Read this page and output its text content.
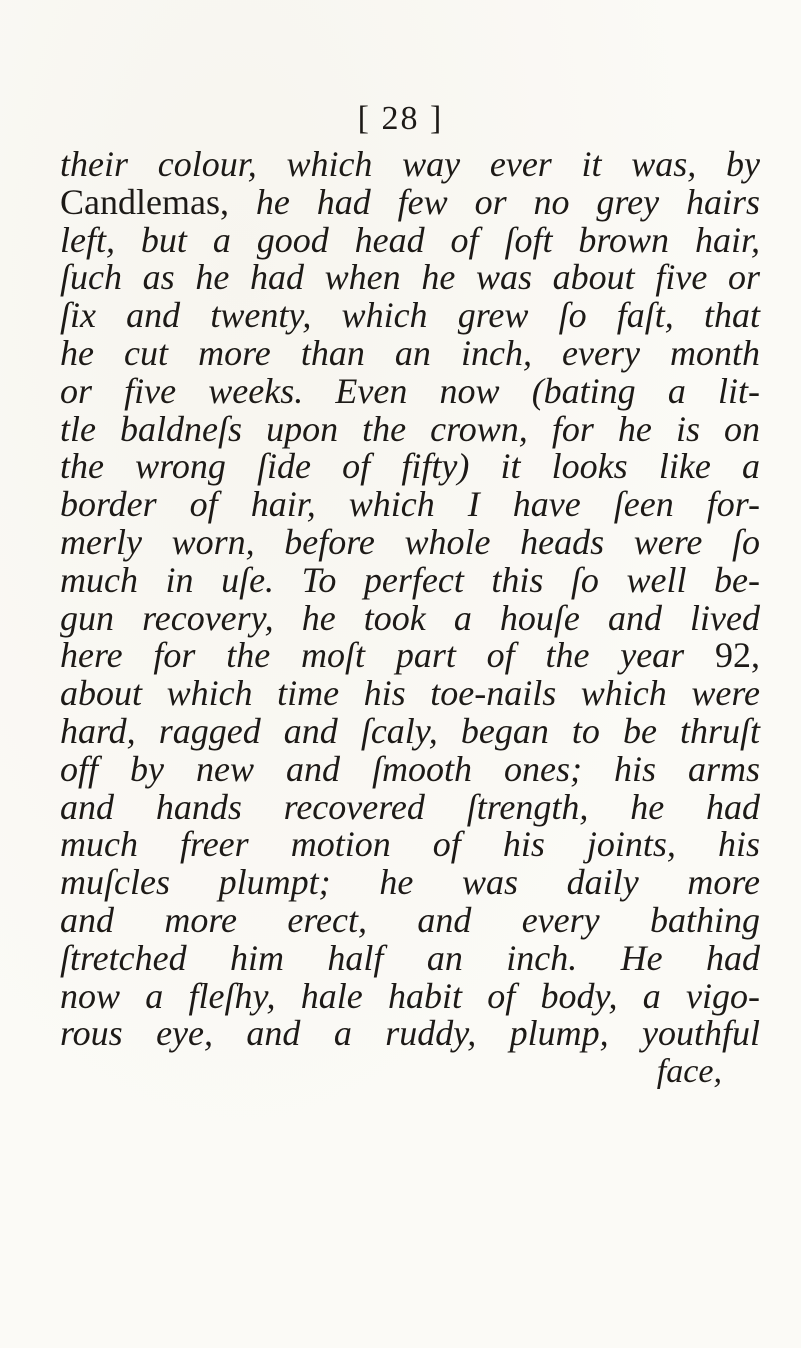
[ 28 ]
their colour, which way ever it was, by
Candlemas, he had few or no grey hairs
left, but a good head of ſoft brown hair,
ſuch as he had when he was about five or
ſix and twenty, which grew ſo faſt, that
he cut more than an inch, every month
or five weeks. Even now (bating a lit-
tle baldneſs upon the crown, for he is on
the wrong ſide of fifty) it looks like a
border of hair, which I have ſeen for-
merly worn, before whole heads were ſo
much in uſe. To perfect this ſo well be-
gun recovery, he took a houſe and lived
here for the moſt part of the year 92,
about which time his toe-nails which were
hard, ragged and ſcaly, began to be thruſt
off by new and ſmooth ones; his arms
and hands recovered ſtrength, he had
much freer motion of his joints, his
muſcles plumpt; he was daily more
and more erect, and every bathing
ſtretched him half an inch. He had
now a fleſhy, hale habit of body, a vigo-
rous eye, and a ruddy, plump, youthful
face,
